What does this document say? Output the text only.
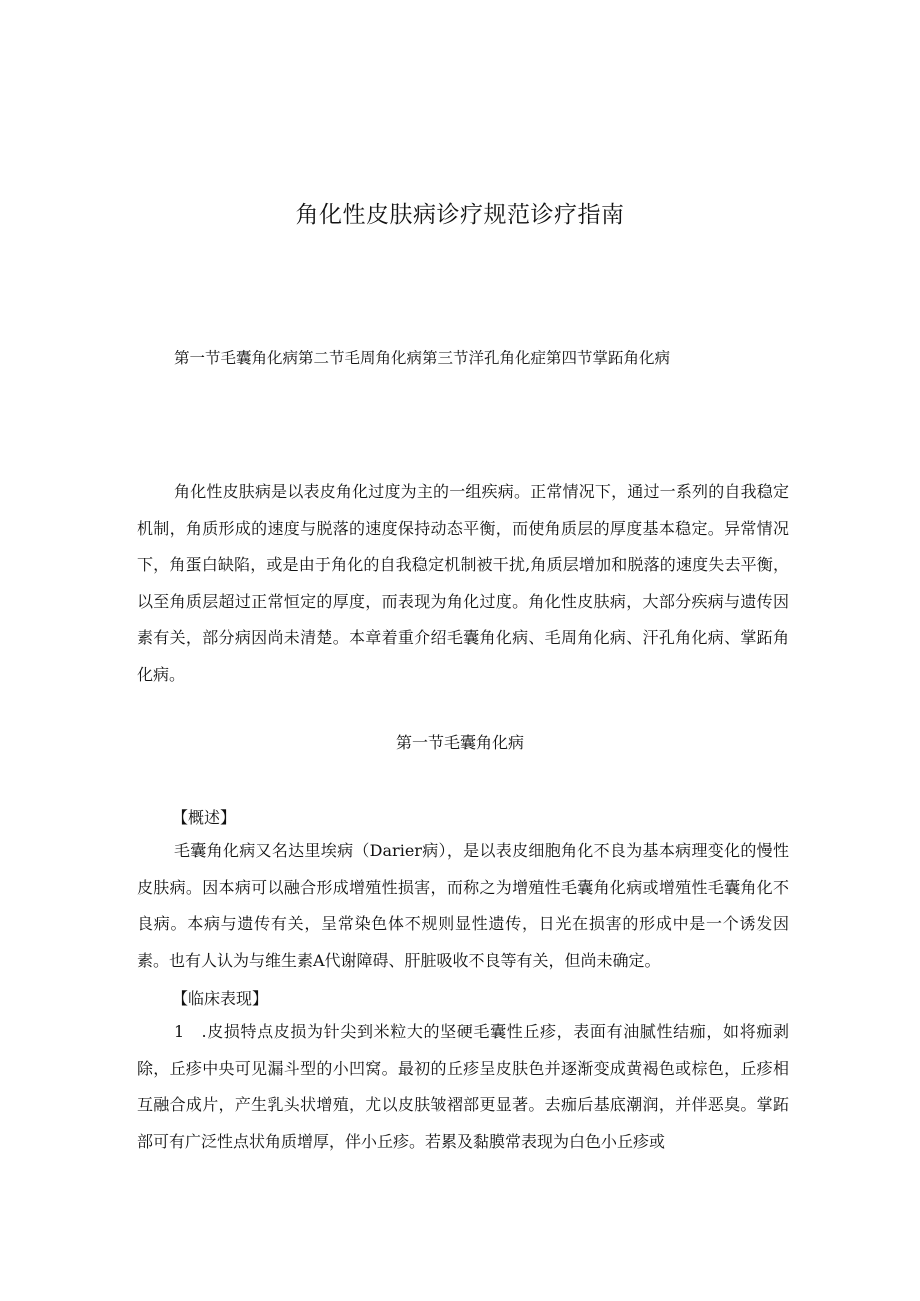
角化性皮肤病诊疗规范诊疗指南
第一节毛囊角化病第二节毛周角化病第三节洋孔角化症第四节掌跖角化病

角化性皮肤病是以表皮角化过度为主的一组疾病。正常情况下，通过一系列的自我稳定机制，角质形成的速度与脱落的速度保持动态平衡，而使角质层的厚度基本稳定。异常情况下，角蛋白缺陷，或是由于角化的自我稳定机制被干扰,角质层增加和脱落的速度失去平衡，以至角质层超过正常恒定的厚度，而表现为角化过度。角化性皮肤病，大部分疾病与遗传因素有关，部分病因尚未清楚。本章着重介绍毛囊角化病、毛周角化病、汗孔角化病、掌跖角化病。

第一节毛囊角化病
【概述】

毛囊角化病又名达里埃病（Darier病），是以表皮细胞角化不良为基本病理变化的慢性皮肤病。因本病可以融合形成增殖性损害，而称之为增殖性毛囊角化病或增殖性毛囊角化不良病。本病与遗传有关，呈常染色体不规则显性遗传，日光在损害的形成中是一个诱发因素。也有人认为与维生素A代谢障碍、肝脏吸收不良等有关，但尚未确定。

【临床表现】

1　.皮损特点皮损为针尖到米粒大的坚硬毛囊性丘疹，表面有油腻性结痂，如将痂剥除，丘疹中央可见漏斗型的小凹窝。最初的丘疹呈皮肤色并逐渐变成黄褐色或棕色，丘疹相互融合成片，产生乳头状增殖，尤以皮肤皱褶部更显著。去痂后基底潮润，并伴恶臭。掌跖部可有广泛性点状角质增厚，伴小丘疹。若累及黏膜常表现为白色小丘疹或
